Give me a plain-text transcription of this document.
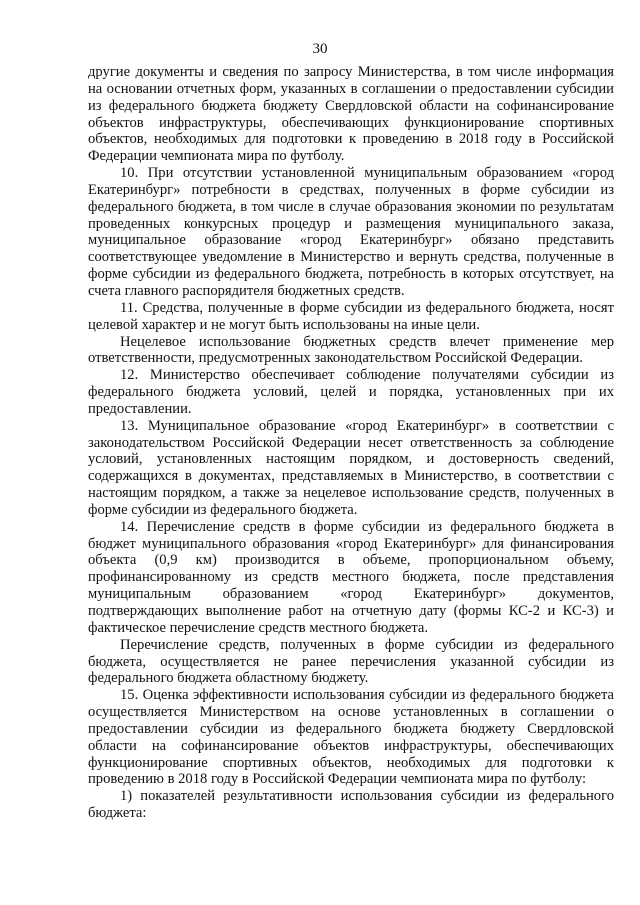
30

другие документы и сведения по запросу Министерства, в том числе информация на основании отчетных форм, указанных в соглашении о предоставлении субсидии из федерального бюджета бюджету Свердловской области на софинансирование объектов инфраструктуры, обеспечивающих функционирование спортивных объектов, необходимых для подготовки к проведению в 2018 году в Российской Федерации чемпионата мира по футболу.

10. При отсутствии установленной муниципальным образованием «город Екатеринбург» потребности в средствах, полученных в форме субсидии из федерального бюджета, в том числе в случае образования экономии по результатам проведенных конкурсных процедур и размещения муниципального заказа, муниципальное образование «город Екатеринбург» обязано представить соответствующее уведомление в Министерство и вернуть средства, полученные в форме субсидии из федерального бюджета, потребность в которых отсутствует, на счета главного распорядителя бюджетных средств.

11. Средства, полученные в форме субсидии из федерального бюджета, носят целевой характер и не могут быть использованы на иные цели.

Нецелевое использование бюджетных средств влечет применение мер ответственности, предусмотренных законодательством Российской Федерации.

12. Министерство обеспечивает соблюдение получателями субсидии из федерального бюджета условий, целей и порядка, установленных при их предоставлении.

13. Муниципальное образование «город Екатеринбург» в соответствии с законодательством Российской Федерации несет ответственность за соблюдение условий, установленных настоящим порядком, и достоверность сведений, содержащихся в документах, представляемых в Министерство, в соответствии с настоящим порядком, а также за нецелевое использование средств, полученных в форме субсидии из федерального бюджета.

14. Перечисление средств в форме субсидии из федерального бюджета в бюджет муниципального образования «город Екатеринбург» для финансирования объекта (0,9 км) производится в объеме, пропорциональном объему, профинансированному из средств местного бюджета, после представления муниципальным образованием «город Екатеринбург» документов, подтверждающих выполнение работ на отчетную дату (формы КС-2 и КС-3) и фактическое перечисление средств местного бюджета.

Перечисление средств, полученных в форме субсидии из федерального бюджета, осуществляется не ранее перечисления указанной субсидии из федерального бюджета областному бюджету.

15. Оценка эффективности использования субсидии из федерального бюджета осуществляется Министерством на основе установленных в соглашении о предоставлении субсидии из федерального бюджета бюджету Свердловской области на софинансирование объектов инфраструктуры, обеспечивающих функционирование спортивных объектов, необходимых для подготовки к проведению в 2018 году в Российской Федерации чемпионата мира по футболу:

1) показателей результативности использования субсидии из федерального бюджета:
